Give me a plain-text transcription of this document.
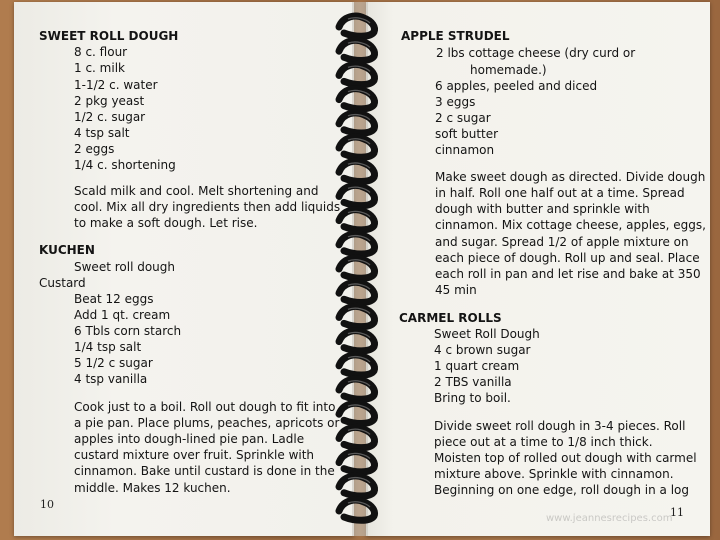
SWEET ROLL DOUGH
8 c. flour
1 c. milk
1-1/2 c. water
2 pkg yeast
1/2 c. sugar
4 tsp salt
2 eggs
1/4 c. shortening
Scald milk and cool. Melt shortening and
cool. Mix all dry ingredients then add liquids
to make a soft dough. Let rise.
KUCHEN
Sweet roll dough
Custard
Beat 12 eggs
Add 1 qt. cream
6 Tbls corn starch
1/4 tsp salt
5 1/2 c sugar
4 tsp vanilla
Cook just to a boil. Roll out dough to fit into
a pie pan. Place plums, peaches, apricots or
apples into dough-lined pie pan. Ladle
custard mixture over fruit. Sprinkle with
cinnamon. Bake until custard is done in the
middle. Makes 12 kuchen.
10
APPLE STRUDEL
2 lbs cottage cheese (dry curd or
homemade.)
6 apples, peeled and diced
3 eggs
2 c sugar
soft butter
cinnamon
Make sweet dough as directed. Divide dough
in half. Roll one half out at a time. Spread
dough with butter and sprinkle with
cinnamon. Mix cottage cheese, apples, eggs,
and sugar. Spread 1/2 of apple mixture on
each piece of dough. Roll up and seal. Place
each roll in pan and let rise and bake at 350
45 min
CARMEL ROLLS
Sweet Roll Dough
4 c brown sugar
1 quart cream
2 TBS vanilla
Bring to boil.
Divide sweet roll dough in 3-4 pieces. Roll
piece out at a time to 1/8 inch thick.
Moisten top of rolled out dough with carmel
mixture above. Sprinkle with cinnamon.
Beginning on one edge, roll dough in a log
www.jeannesrecipes.com
11
